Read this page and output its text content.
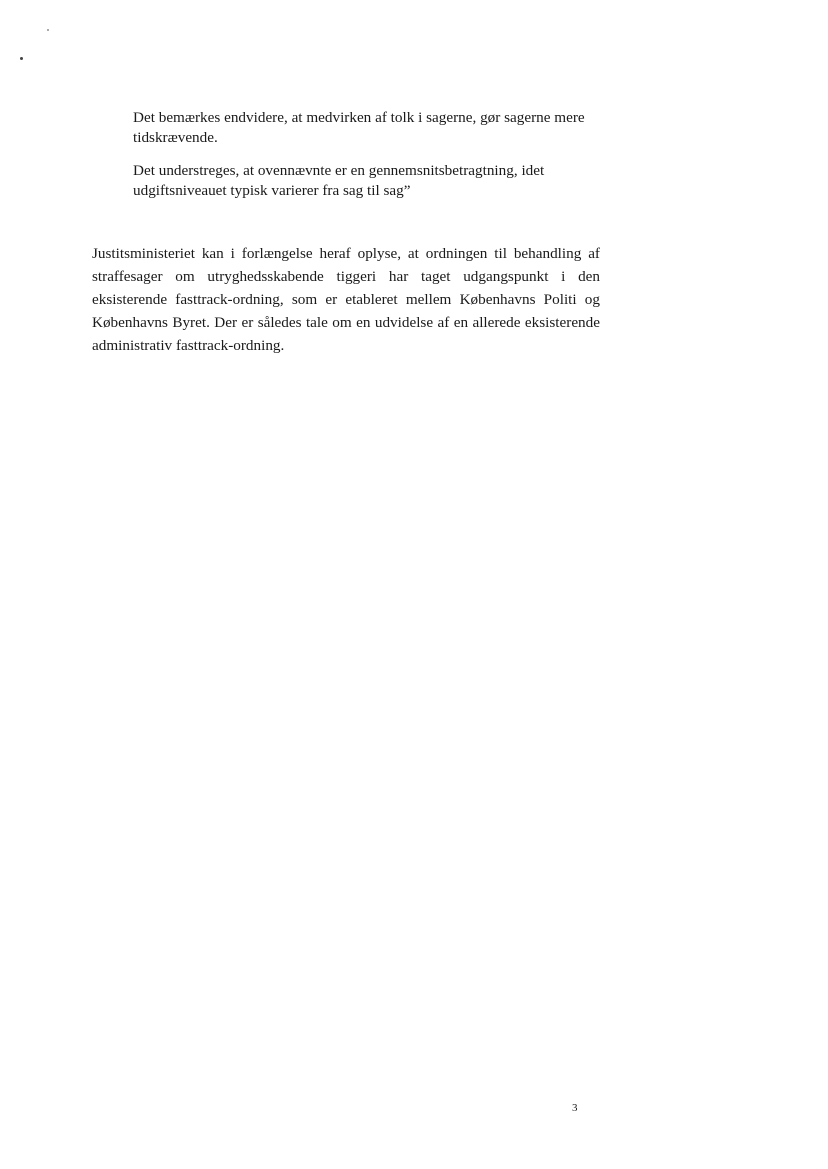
Det bemærkes endvidere, at medvirken af tolk i sagerne, gør sagerne mere tidskrævende.

Det understreges, at ovennævnte er en gennemsnitsbetragtning, idet udgiftsniveauet typisk varierer fra sag til sag”

Justitsministeriet kan i forlængelse heraf oplyse, at ordningen til behandling af straffesager om utryghedsskabende tiggeri har taget udgangspunkt i den eksisterende fasttrack-ordning, som er etableret mellem Københavns Politi og Københavns Byret. Der er således tale om en udvidelse af en allerede eksisterende administrativ fasttrack-ordning.

3
